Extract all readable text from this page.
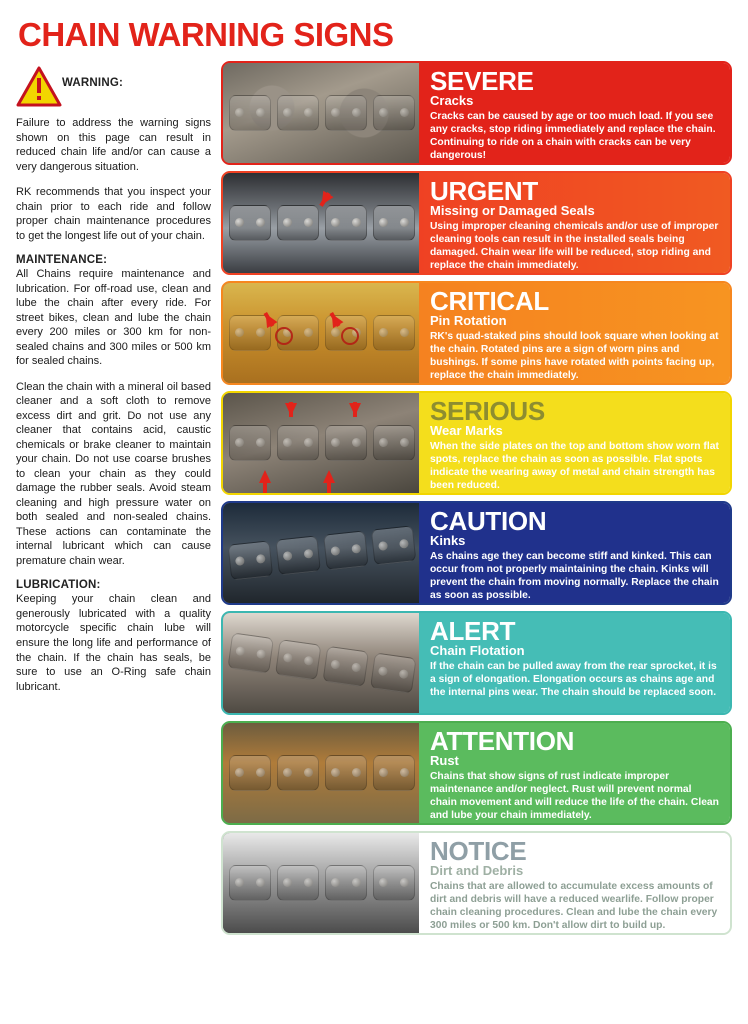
CHAIN WARNING SIGNS
WARNING:

Failure to address the warning signs shown on this page can result in reduced chain life and/or can cause a very dangerous situation.

RK recommends that you inspect your chain prior to each ride and follow proper chain maintenance procedures to get the longest life out of your chain.

MAINTENANCE:

All Chains require maintenance and lubrication. For off-road use, clean and lube the chain after every ride. For street bikes, clean and lube the chain every 200 miles or 300 km for non-sealed chains and 300 miles or 500 km for sealed chains.

Clean the chain with a mineral oil based cleaner and a soft cloth to remove excess dirt and grit. Do not use any cleaner that contains acid, caustic chemicals or brake cleaner to maintain your chain. Do not use coarse brushes to clean your chain as they could damage the rubber seals. Avoid steam cleaning and high pressure water on both sealed and non-sealed chains. These actions can contaminate the internal lubricant which can cause premature chain wear.

LUBRICATION:

Keeping your chain clean and generously lubricated with a quality motorcycle specific chain lube will ensure the long life and performance of the chain. If the chain has seals, be sure to use an O-Ring safe chain lubricant.

SEVERE
Cracks
Cracks can be caused by age or too much load. If you see any cracks, stop riding immediately and replace the chain. Continuing to ride on a chain with cracks can be very dangerous!
URGENT
Missing or Damaged Seals
Using improper cleaning chemicals and/or use of improper cleaning tools can result in the installed seals being damaged. Chain wear life will be reduced, stop riding and replace the chain immediately.
CRITICAL
Pin Rotation
RK's quad-staked pins should look square when looking at the chain. Rotated pins are a sign of worn pins and bushings. If some pins have rotated with points facing up, replace the chain immediately.
SERIOUS
Wear Marks
When the side plates on the top and bottom show worn flat spots, replace the chain as soon as possible. Flat spots indicate the wearing away of metal and chain strength has been reduced.
CAUTION
Kinks
As chains age they can become stiff and kinked. This can occur from not properly maintaining the chain. Kinks will prevent the chain from moving normally. Replace the chain as soon as possible.
ALERT
Chain Flotation
If the chain can be pulled away from the rear sprocket, it is a sign of elongation. Elongation occurs as chains age and the internal pins wear. The chain should be replaced soon.
ATTENTION
Rust
Chains that show signs of rust indicate improper maintenance and/or neglect. Rust will prevent normal chain movement and will reduce the life of the chain. Clean and lube your chain immediately.
NOTICE
Dirt and Debris
Chains that are allowed to accumulate excess amounts of dirt and debris will have a reduced wearlife. Follow proper chain cleaning procedures. Clean and lube the chain every 300 miles or 500 km. Don't allow dirt to build up.
